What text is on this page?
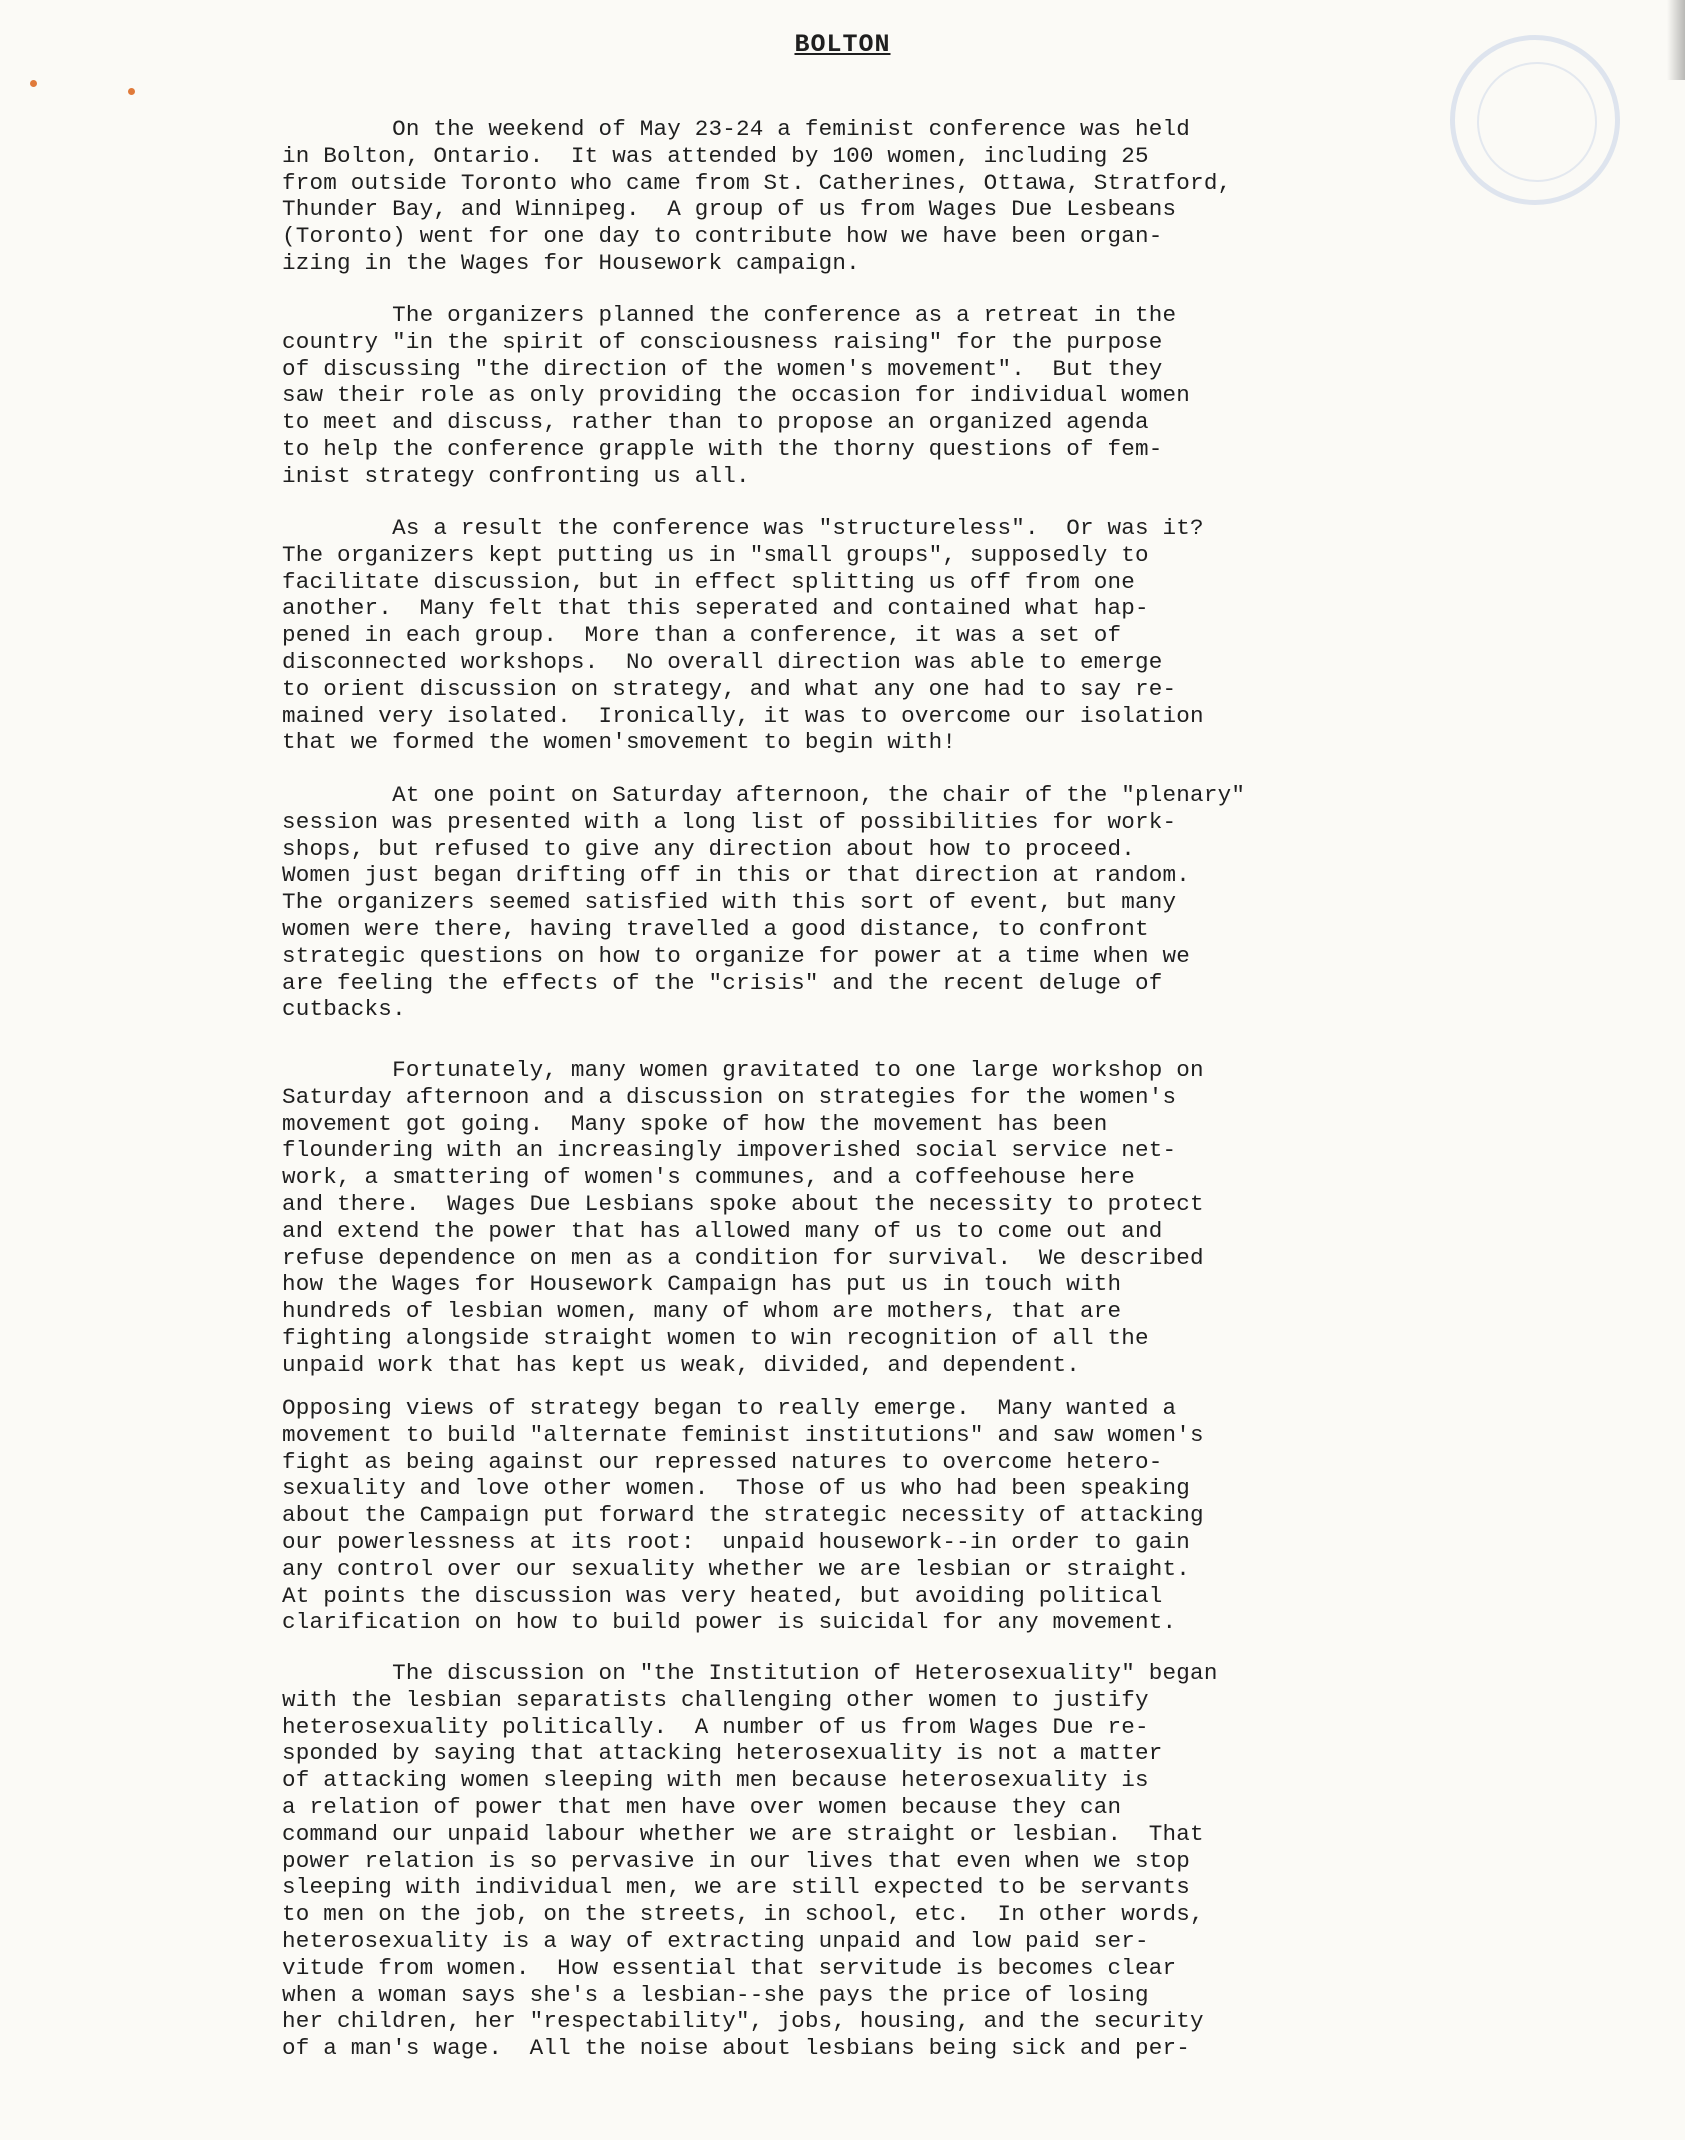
BOLTON
On the weekend of May 23-24 a feminist conference was held
in Bolton, Ontario.  It was attended by 100 women, including 25
from outside Toronto who came from St. Catherines, Ottawa, Stratford,
Thunder Bay, and Winnipeg.  A group of us from Wages Due Lesbeans
(Toronto) went for one day to contribute how we have been organ-
izing in the Wages for Housework campaign.
The organizers planned the conference as a retreat in the
country "in the spirit of consciousness raising" for the purpose
of discussing "the direction of the women's movement".  But they
saw their role as only providing the occasion for individual women
to meet and discuss, rather than to propose an organized agenda
to help the conference grapple with the thorny questions of fem-
inist strategy confronting us all.
As a result the conference was "structureless".  Or was it?
The organizers kept putting us in "small groups", supposedly to
facilitate discussion, but in effect splitting us off from one
another.  Many felt that this seperated and contained what hap-
pened in each group.  More than a conference, it was a set of
disconnected workshops.  No overall direction was able to emerge
to orient discussion on strategy, and what any one had to say re-
mained very isolated.  Ironically, it was to overcome our isolation
that we formed the women'smovement to begin with!
At one point on Saturday afternoon, the chair of the "plenary"
session was presented with a long list of possibilities for work-
shops, but refused to give any direction about how to proceed.
Women just began drifting off in this or that direction at random.
The organizers seemed satisfied with this sort of event, but many
women were there, having travelled a good distance, to confront
strategic questions on how to organize for power at a time when we
are feeling the effects of the "crisis" and the recent deluge of
cutbacks.
Fortunately, many women gravitated to one large workshop on
Saturday afternoon and a discussion on strategies for the women's
movement got going.  Many spoke of how the movement has been
floundering with an increasingly impoverished social service net-
work, a smattering of women's communes, and a coffeehouse here
and there.  Wages Due Lesbians spoke about the necessity to protect
and extend the power that has allowed many of us to come out and
refuse dependence on men as a condition for survival.  We described
how the Wages for Housework Campaign has put us in touch with
hundreds of lesbian women, many of whom are mothers, that are
fighting alongside straight women to win recognition of all the
unpaid work that has kept us weak, divided, and dependent.
Opposing views of strategy began to really emerge.  Many wanted a
movement to build "alternate feminist institutions" and saw women's
fight as being against our repressed natures to overcome hetero-
sexuality and love other women.  Those of us who had been speaking
about the Campaign put forward the strategic necessity of attacking
our powerlessness at its root:  unpaid housework--in order to gain
any control over our sexuality whether we are lesbian or straight.
At points the discussion was very heated, but avoiding political
clarification on how to build power is suicidal for any movement.
The discussion on "the Institution of Heterosexuality" began
with the lesbian separatists challenging other women to justify
heterosexuality politically.  A number of us from Wages Due re-
sponded by saying that attacking heterosexuality is not a matter
of attacking women sleeping with men because heterosexuality is
a relation of power that men have over women because they can
command our unpaid labour whether we are straight or lesbian.  That
power relation is so pervasive in our lives that even when we stop
sleeping with individual men, we are still expected to be servants
to men on the job, on the streets, in school, etc.  In other words,
heterosexuality is a way of extracting unpaid and low paid ser-
vitude from women.  How essential that servitude is becomes clear
when a woman says she's a lesbian--she pays the price of losing
her children, her "respectability", jobs, housing, and the security
of a man's wage.  All the noise about lesbians being sick and per-
